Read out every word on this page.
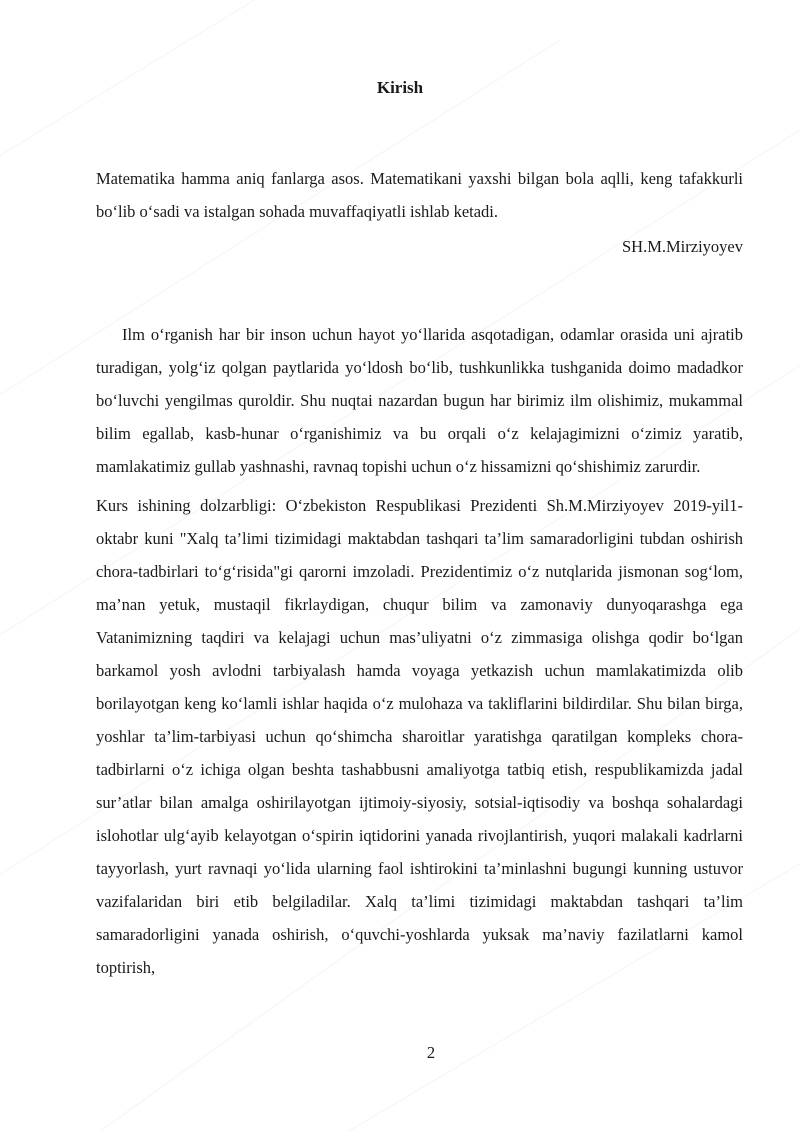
Kirish
Matematika hamma aniq fanlarga asos. Matematikani yaxshi bilgan bola aqlli, keng tafakkurli bo‘lib o‘sadi va istalgan sohada muvaffaqiyatli ishlab ketadi.
SH.M.Mirziyoyev

Ilm o‘rganish har bir inson uchun hayot yo‘llarida asqotadigan, odamlar orasida uni ajratib turadigan, yolg‘iz qolgan paytlarida yo‘ldosh bo‘lib, tushkunlikka tushganida doimo madadkor bo‘luvchi yengilmas quroldir. Shu nuqtai nazardan bugun har birimiz ilm olishimiz, mukammal bilim egallab, kasb-hunar o‘rganishimiz va bu orqali o‘z kelajagimizni o‘zimiz yaratib, mamlakatimiz gullab yashnashi, ravnaq topishi uchun o‘z hissamizni qo‘shishimiz zarurdir.

Kurs ishining dolzarbligi: O‘zbekiston Respublikasi Prezidenti Sh.M.Mirziyoyev 2019-yil1-oktabr kuni "Xalq ta’limi tizimidagi maktabdan tashqari ta’lim samaradorligini tubdan oshirish chora-tadbirlari to‘g‘risida"gi qarorni imzoladi. Prezidentimiz o‘z nutqlarida jismonan sog‘lom, ma’nan yetuk, mustaqil fikrlaydigan, chuqur bilim va zamonaviy dunyoqarashga ega Vatanimizning taqdiri va kelajagi uchun mas’uliyatni o‘z zimmasiga olishga qodir bo‘lgan barkamol yosh avlodni tarbiyalash hamda voyaga yetkazish uchun mamlakatimizda olib borilayotgan keng ko‘lamli ishlar haqida o‘z mulohaza va takliflarini bildirdilar. Shu bilan birga, yoshlar ta’lim-tarbiyasi uchun qo‘shimcha sharoitlar yaratishga qaratilgan kompleks chora-tadbirlarni o‘z ichiga olgan beshta tashabbusni amaliyotga tatbiq etish, respublikamizda jadal sur’atlar bilan amalga oshirilayotgan ijtimoiy-siyosiy, sotsial-iqtisodiy va boshqa sohalardagi islohotlar ulg‘ayib kelayotgan o‘spirin iqtidorini yanada rivojlantirish, yuqori malakali kadrlarni tayyorlash, yurt ravnaqi yo‘lida ularning faol ishtirokini ta’minlashni bugungi kunning ustuvor vazifalaridan biri etib belgiladilar. Xalq ta’limi tizimidagi maktabdan tashqari ta’lim samaradorligini yanada oshirish, o‘quvchi-yoshlarda yuksak ma’naviy fazilatlarni kamol toptirish,

2
